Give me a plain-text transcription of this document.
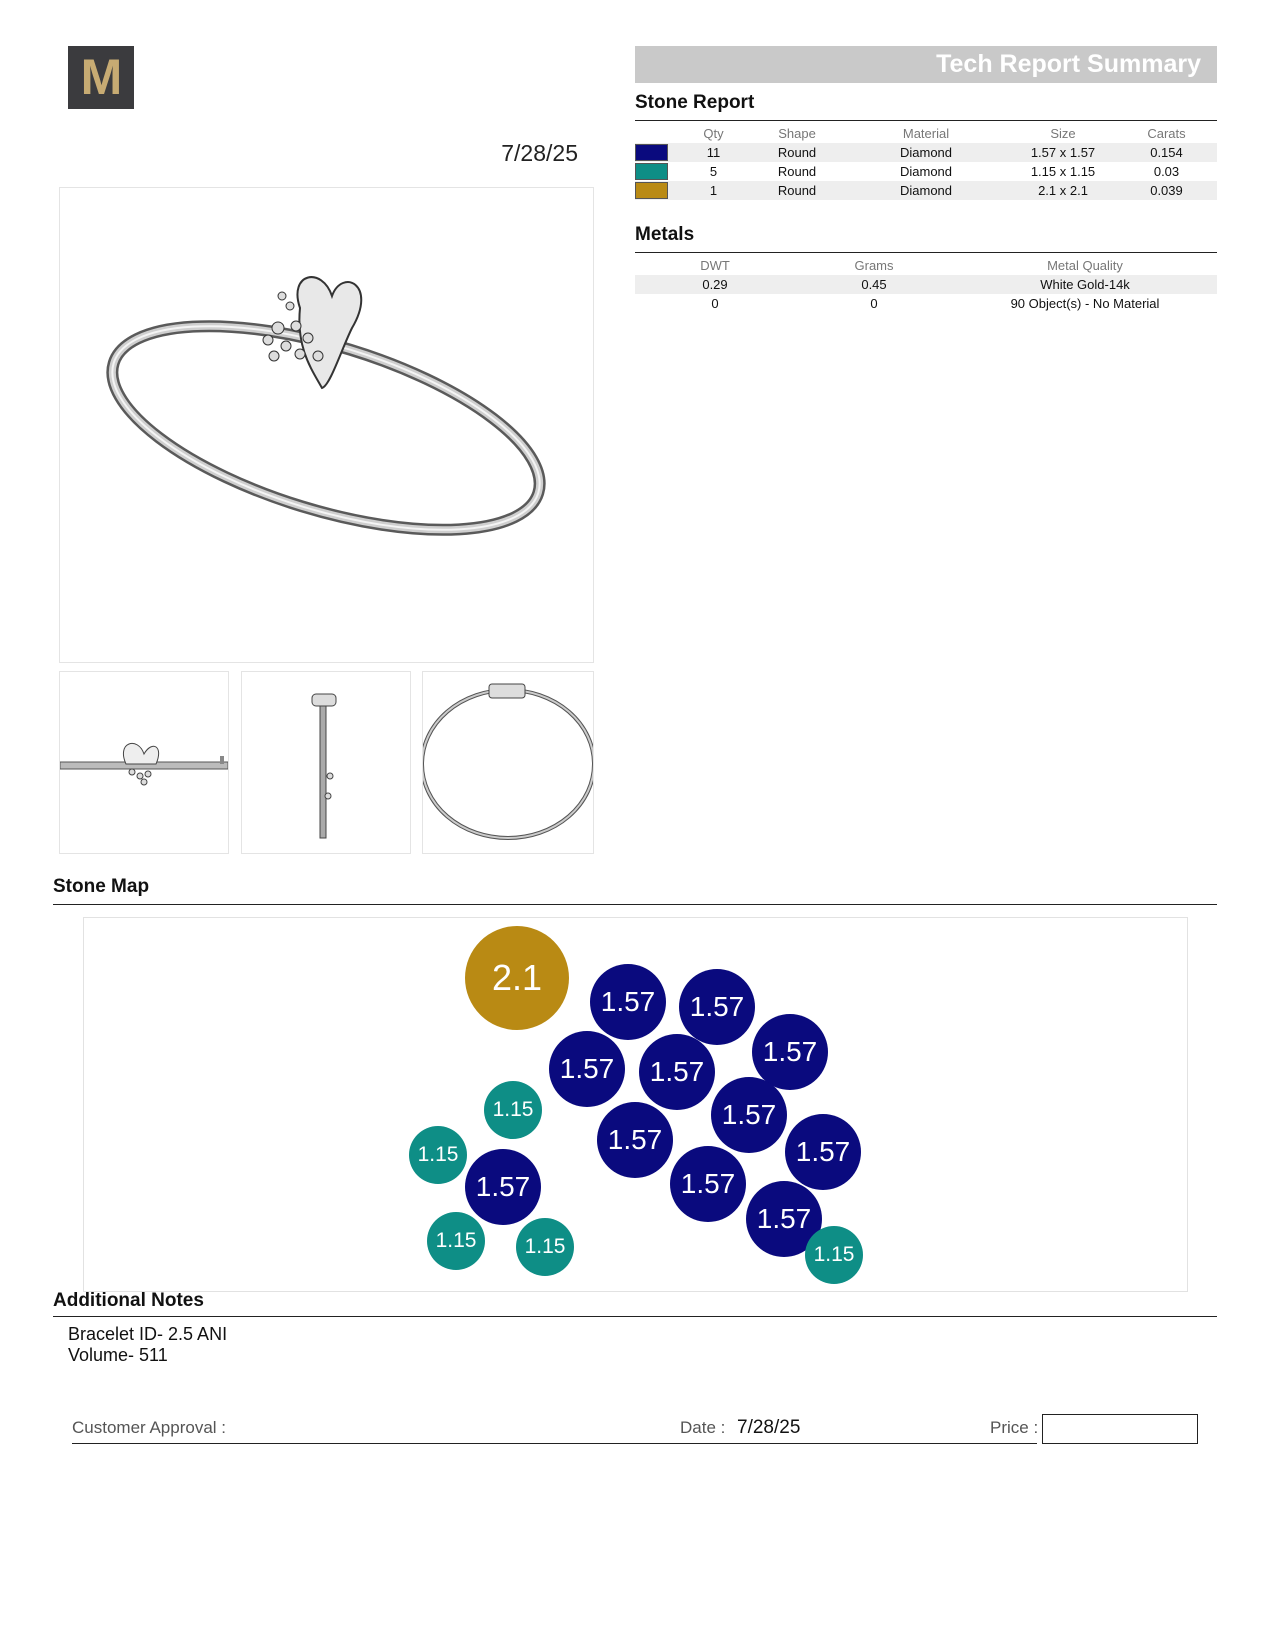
M
7/28/25
Tech Report Summary
Stone Report
	Qty	Shape	Material	Size	Carats
	11	Round	Diamond	1.57 x 1.57	0.154
	5	Round	Diamond	1.15 x 1.15	0.03
	1	Round	Diamond	2.1 x 2.1	0.039
Metals
DWT	Grams	Metal Quality
0.29	0.45	White Gold-14k
0	0	90 Object(s) - No Material
Stone Map
2.1
1.57	1.57
1.57
1.57	1.57
1.57
1.57	1.57
1.57
1.57
1.57
1.15
1.15
1.15	1.15	1.15
Additional Notes
Bracelet ID- 2.5 ANI
Volume- 511
Customer Approval :	Date : 7/28/25	Price :
